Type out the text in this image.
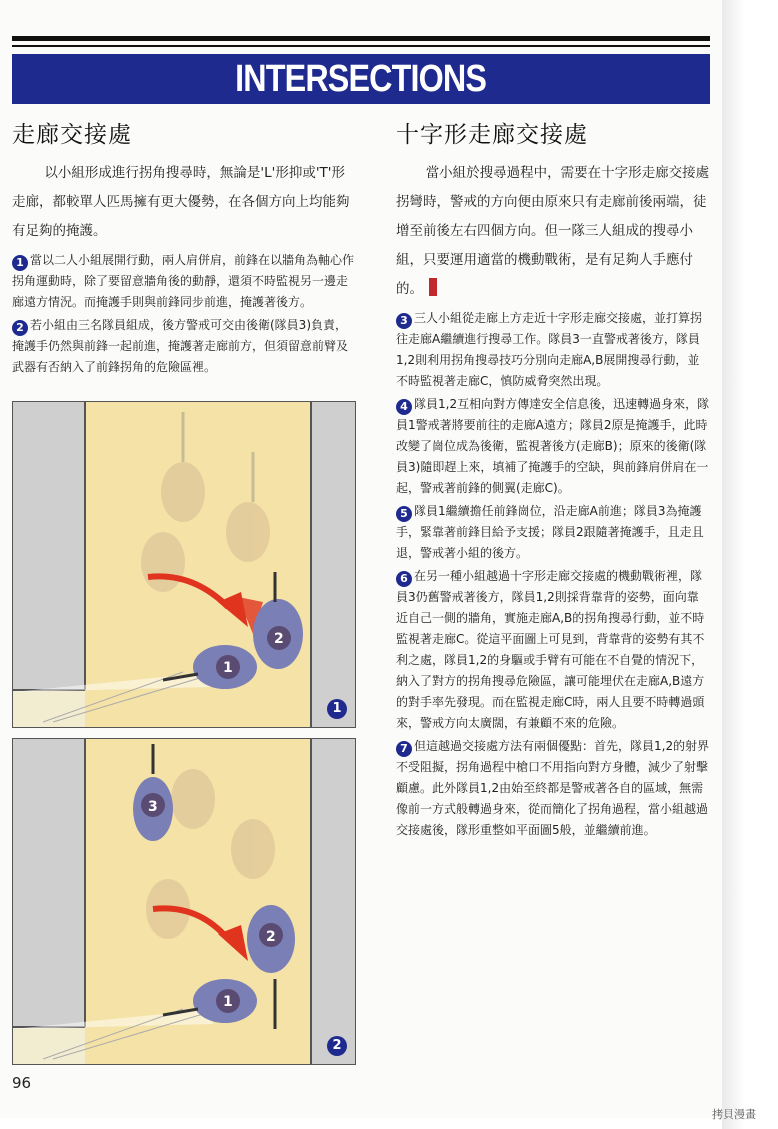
INTERSECTIONS
走廊交接處

以小組形成進行拐角搜尋時，無論是'L'形抑或'T'形走廊，都較單人匹馬擁有更大優勢，在各個方向上均能夠有足夠的掩護。

1 當以二人小組展開行動，兩人肩併肩，前鋒在以牆角為軸心作拐角運動時，除了要留意牆角後的動靜，還須不時監視另一邊走廊遠方情況。而掩護手則與前鋒同步前進，掩護著後方。

2 若小組由三名隊員組成，後方警戒可交由後衛(隊員3)負責，掩護手仍然與前鋒一起前進，掩護著走廊前方，但須留意前臂及武器有否納入了前鋒拐角的危險區裡。

1
2
1
3
2
1
2
十字形走廊交接處

當小組於搜尋過程中，需要在十字形走廊交接處拐彎時，警戒的方向便由原來只有走廊前後兩端，徒增至前後左右四個方向。但一隊三人組成的搜尋小組，只要運用適當的機動戰術，是有足夠人手應付的。

3 三人小組從走廊上方走近十字形走廊交接處，並打算拐往走廊A繼續進行搜尋工作。隊員3一直警戒著後方，隊員1,2則利用拐角搜尋技巧分別向走廊A,B展開搜尋行動，並不時監視著走廊C，慎防威脅突然出現。

4 隊員1,2互相向對方傳達安全信息後，迅速轉過身來，隊員1警戒著將要前往的走廊A遠方；隊員2原是掩護手，此時改變了崗位成為後衛，監視著後方(走廊B)；原來的後衛(隊員3)隨即趕上來，填補了掩護手的空缺，與前鋒肩併肩在一起，警戒著前鋒的側翼(走廊C)。

5 隊員1繼續擔任前鋒崗位，沿走廊A前進；隊員3為掩護手，緊靠著前鋒目給予支援；隊員2跟隨著掩護手，且走且退，警戒著小組的後方。

6 在另一種小組越過十字形走廊交接處的機動戰術裡，隊員3仍舊警戒著後方，隊員1,2則採背靠背的姿勢，面向靠近自己一側的牆角，實施走廊A,B的拐角搜尋行動，並不時監視著走廊C。從這平面圖上可見到，背靠背的姿勢有其不利之處，隊員1,2的身驅或手臂有可能在不自覺的情況下，納入了對方的拐角搜尋危險區，讓可能埋伏在走廊A,B遠方的對手率先發現。而在監視走廊C時，兩人且要不時轉過頭來，警戒方向太廣闊，有兼顧不來的危險。

7 但這越過交接處方法有兩個優點：首先，隊員1,2的射界不受阻擬，拐角過程中槍口不用指向對方身體，減少了射擊顧慮。此外隊員1,2由始至終都是警戒著各自的區域，無需像前一方式般轉過身來，從而簡化了拐角過程，當小組越過交接處後，隊形重整如平面圖5般，並繼續前進。

96
拷貝漫畫
